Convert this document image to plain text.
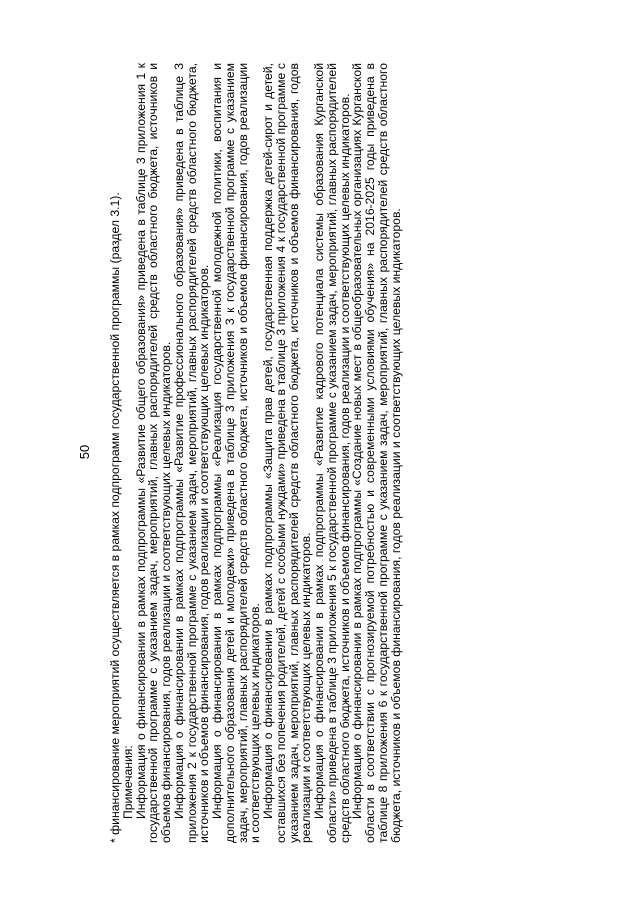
50 * финансирование мероприятий осуществляется в рамках подпрограмм государственной программы (раздел 3.1).

Примечания:

Информация о финансировании в рамках подпрограммы «Развитие общего образования» приведена в таблице 3 приложения 1 к государственной программе с указанием задач, мероприятий, главных распорядителей средств областного бюджета, источников и объемов финансирования, годов реализации и соответствующих целевых индикаторов.

Информация о финансировании в рамках подпрограммы «Развитие профессионального образования» приведена в таблице 3 приложения 2 к государственной программе с указанием задач, мероприятий, главных распорядителей средств областного бюджета, источников и объемов финансирования, годов реализации и соответствующих целевых индикаторов.

Информация о финансировании в рамках подпрограммы «Реализация государственной молодежной политики, воспитания и дополнительного образования детей и молодежи» приведена в таблице 3 приложения 3 к государственной программе с указанием задач, мероприятий, главных распорядителей средств областного бюджета, источников и объемов финансирования, годов реализации и соответствующих целевых индикаторов.

Информация о финансировании в рамках подпрограммы «Защита прав детей, государственная поддержка детей-сирот и детей, оставшихся без попечения родителей, детей с особыми нуждами» приведена в таблице 3 приложения 4 к государственной программе с указанием задач, мероприятий, главных распорядителей средств областного бюджета, источников и объемов финансирования, годов реализации и соответствующих целевых индикаторов.

Информация о финансировании в рамках подпрограммы «Развитие кадрового потенциала системы образования Курганской области» приведена в таблице 3 приложения 5 к государственной программе с указанием задач, мероприятий, главных распорядителей средств областного бюджета, источников и объемов финансирования, годов реализации и соответствующих целевых индикаторов.

Информация о финансировании в рамках подпрограммы «Создание новых мест в общеобразовательных организациях Курганской области в соответствии с прогнозируемой потребностью и современными условиями обучения» на 2016-2025 годы приведена в таблице 8 приложения 6 к государственной программе с указанием задач, мероприятий, главных распорядителей средств областного бюджета, источников и объемов финансирования, годов реализации и соответствующих целевых индикаторов.
